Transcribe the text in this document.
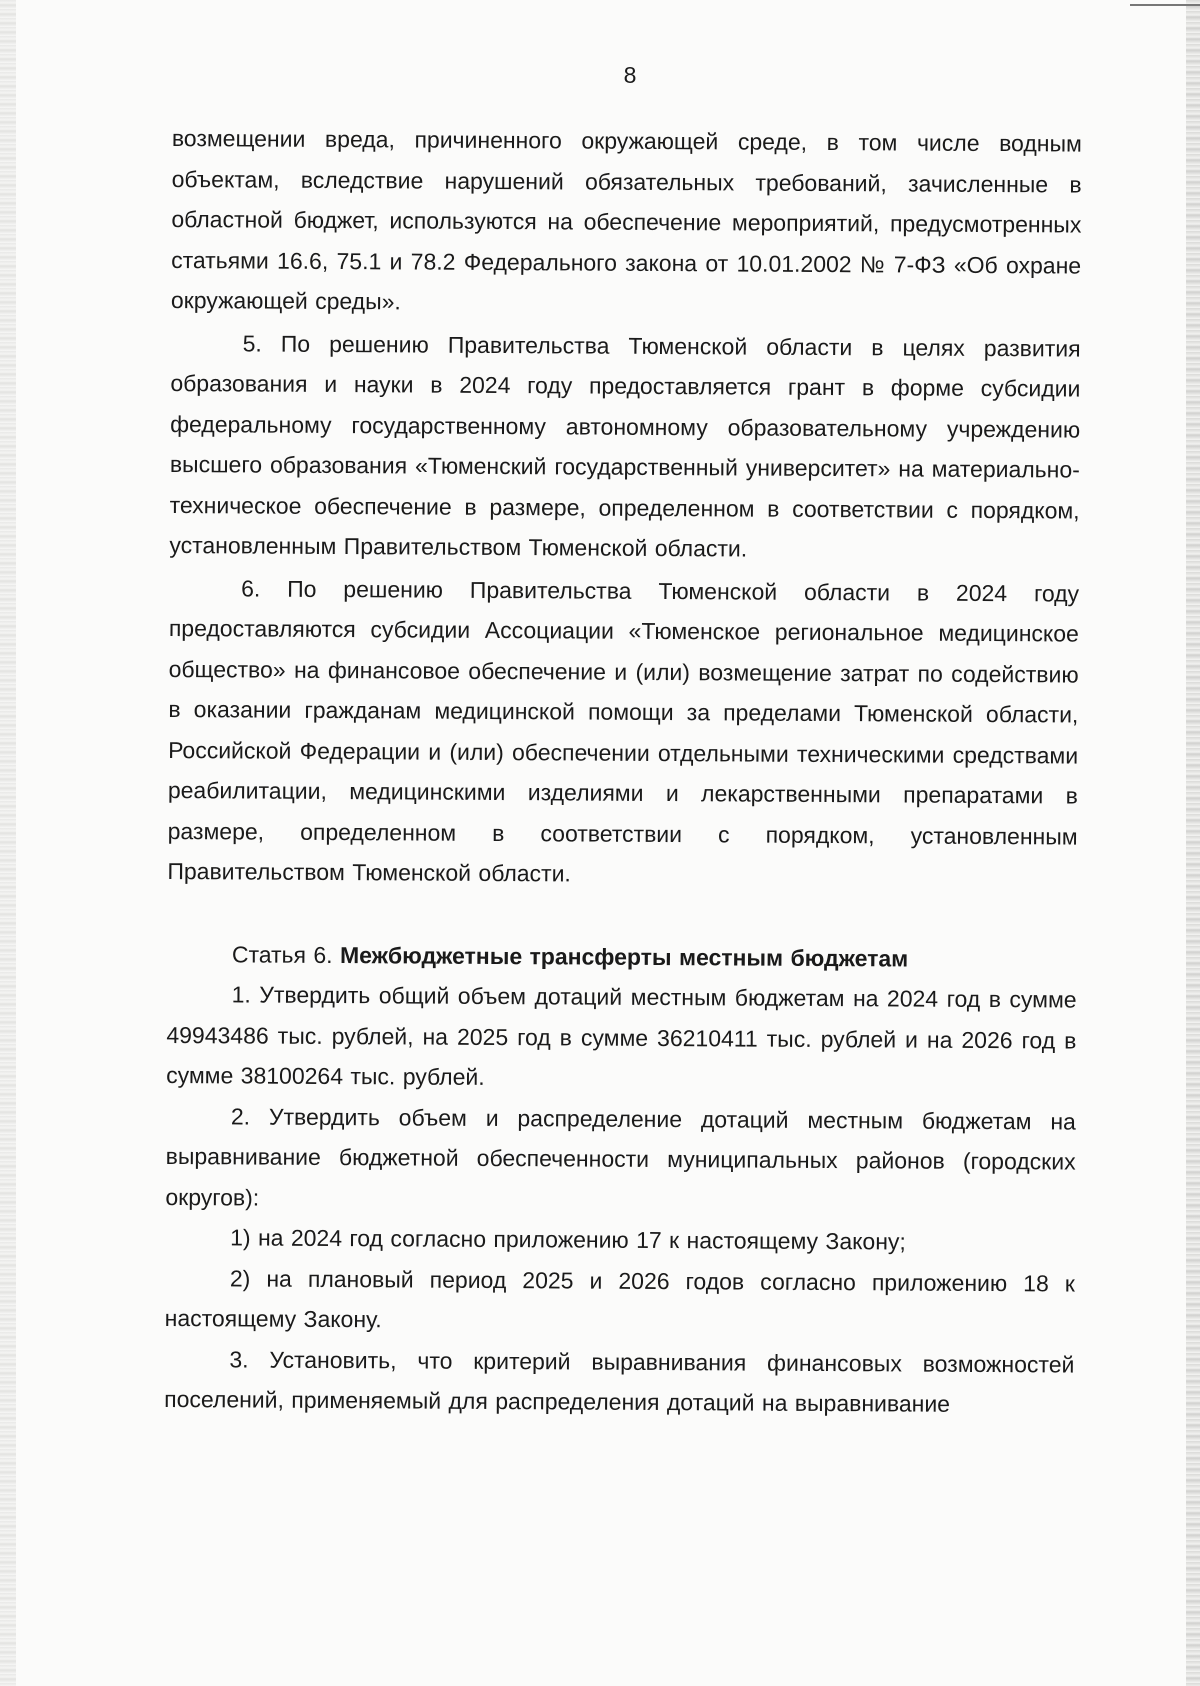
8

возмещении вреда, причиненного окружающей среде, в том числе водным объектам, вследствие нарушений обязательных требований, зачисленные в областной бюджет, используются на обеспечение мероприятий, предусмотренных статьями 16.6, 75.1 и 78.2 Федерального закона от 10.01.2002 № 7-ФЗ «Об охране окружающей среды».

5. По решению Правительства Тюменской области в целях развития образования и науки в 2024 году предоставляется грант в форме субсидии федеральному государственному автономному образовательному учреждению высшего образования «Тюменский государственный университет» на материально-техническое обеспечение в размере, определенном в соответствии с порядком, установленным Правительством Тюменской области.

6. По решению Правительства Тюменской области в 2024 году предоставляются субсидии Ассоциации «Тюменское региональное медицинское общество» на финансовое обеспечение и (или) возмещение затрат по содействию в оказании гражданам медицинской помощи за пределами Тюменской области, Российской Федерации и (или) обеспечении отдельными техническими средствами реабилитации, медицинскими изделиями и лекарственными препаратами в размере, определенном в соответствии с порядком, установленным Правительством Тюменской области.

Статья 6. Межбюджетные трансферты местным бюджетам

1. Утвердить общий объем дотаций местным бюджетам на 2024 год в сумме 49943486 тыс. рублей, на 2025 год в сумме 36210411 тыс. рублей и на 2026 год в сумме 38100264 тыс. рублей.

2. Утвердить объем и распределение дотаций местным бюджетам на выравнивание бюджетной обеспеченности муниципальных районов (городских округов):

1) на 2024 год согласно приложению 17 к настоящему Закону;

2) на плановый период 2025 и 2026 годов согласно приложению 18 к настоящему Закону.

3. Установить, что критерий выравнивания финансовых возможностей поселений, применяемый для распределения дотаций на выравнивание
